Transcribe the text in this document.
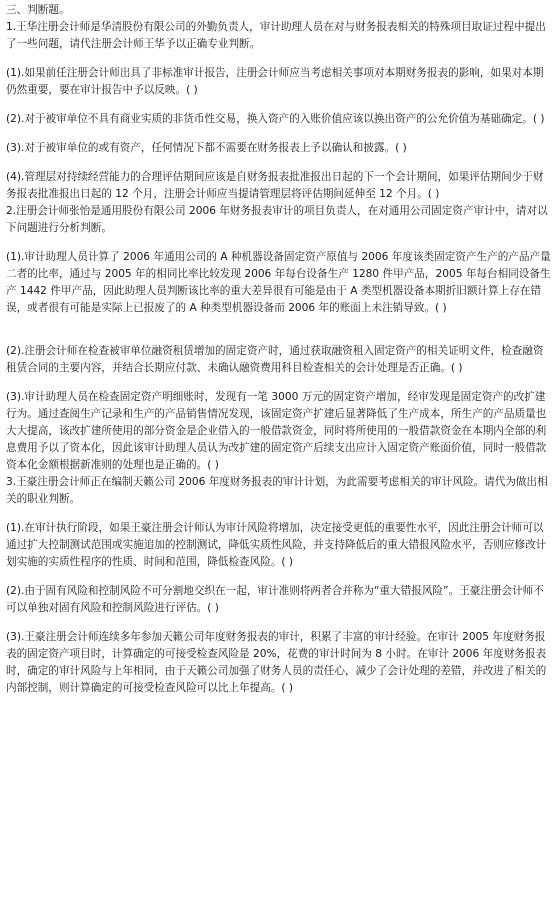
三、判断题。

1.王华注册会计师是华清股份有限公司的外勤负责人，审计助理人员在对与财务报表相关的特殊项目取证过程中提出了一些问题，请代注册会计师王华予以正确专业判断。

(1).如果前任注册会计师出具了非标准审计报告，注册会计师应当考虑相关事项对本期财务报表的影响，如果对本期仍然重要，要在审计报告中予以反映。( )

(2).对于被审单位不具有商业实质的非货币性交易，换入资产的入账价值应该以换出资产的公允价值为基础确定。( )

(3).对于被审单位的或有资产，任何情况下都不需要在财务报表上予以确认和披露。( )

(4).管理层对持续经营能力的合理评估期间应该是自财务报表批准报出日起的下一个会计期间，如果评估期间少于财务报表批准报出日起的 12 个月，注册会计师应当提请管理层将评估期间延伸至 12 个月。( )

2.注册会计师张怡是通用股份有限公司 2006 年财务报表审计的项目负责人，在对通用公司固定资产审计中，请对以下问题进行分析判断。

(1).审计助理人员计算了 2006 年通用公司的 A 种机器设备固定资产原值与 2006 年度该类固定资产生产的产品产量二者的比率，通过与 2005 年的相同比率比较发现 2006 年每台设备生产 1280 件甲产品，2005 年每台相同设备生产 1442 件甲产品，因此助理人员判断该比率的重大差异很有可能是由于 A 类型机器设备本期折旧额计算上存在错误，或者很有可能是实际上已报废了的 A 种类型机器设备而 2006 年的账面上未注销导致。( )

(2).注册会计师在检查被审单位融资租赁增加的固定资产时，通过获取融资租入固定资产的相关证明文件，检查融资租赁合同的主要内容，并结合长期应付款、未确认融资费用科目检查相关的会计处理是否正确。( )

(3).审计助理人员在检查固定资产明细账时，发现有一笔 3000 万元的固定资产增加，经审发现是固定资产的改扩建行为。通过查阅生产记录和生产的产品销售情况发现，该固定资产扩建后显著降低了生产成本，所生产的产品质量也大大提高，该改扩建所使用的部分资金是企业借入的一般借款资金，同时将所使用的一般借款资金在本期内全部的利息费用予以了资本化，因此该审计助理人员认为改扩建的固定资产后续支出应计入固定资产账面价值，同时一般借款资本化金额根据新准则的处理也是正确的。( )

3.王豪注册会计师正在编制天籁公司 2006 年度财务报表的审计计划，为此需要考虑相关的审计风险。请代为做出相关的职业判断。

(1).在审计执行阶段，如果王豪注册会计师认为审计风险将增加，决定接受更低的重要性水平，因此注册会计师可以通过扩大控制测试范围或实施追加的控制测试，降低实质性风险，并支持降低后的重大错报风险水平，否则应修改计划实施的实质性程序的性质、时间和范围，降低检查风险。( )

(2).由于固有风险和控制风险不可分割地交织在一起，审计准则将两者合并称为“重大错报风险”。王豪注册会计师不可以单独对固有风险和控制风险进行评估。( )

(3).王豪注册会计师连续多年参加天籁公司年度财务报表的审计，积累了丰富的审计经验。在审计 2005 年度财务报表的固定资产项目时，计算确定的可接受检查风险是 20%，花费的审计时间为 8 小时。在审计 2006 年度财务报表时，确定的审计风险与上年相同，由于天籁公司加强了财务人员的责任心，减少了会计处理的差错，并改进了相关的内部控制，则计算确定的可接受检查风险可以比上年提高。( )
